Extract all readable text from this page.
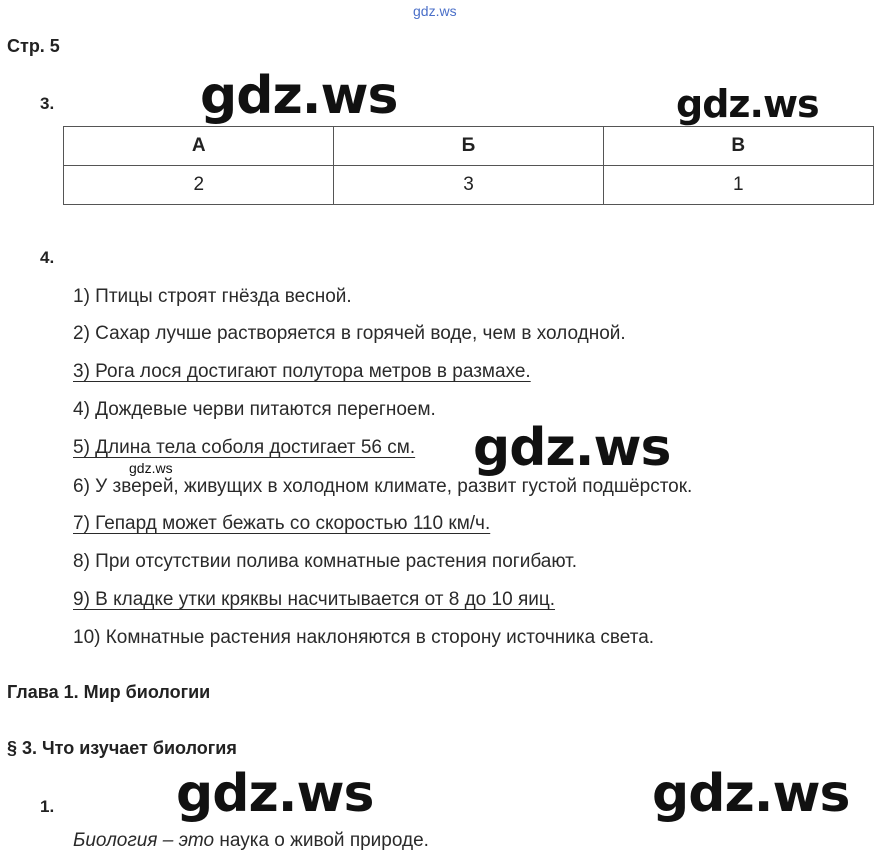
gdz.ws
Стр. 5
3.	gdz.ws	gdz.ws
А	Б	В
2	3	1
4.
1) Птицы строят гнёзда весной.
2) Сахар лучше растворяется в горячей воде, чем в холодной.
3) Рога лося достигают полутора метров в размахе.
4) Дождевые черви питаются перегноем.
5) Длина тела соболя достигает 56 см.
6) У зверей, живущих в холодном климате, развит густой подшёрсток.
7) Гепард может бежать со скоростью 110 км/ч.
8) При отсутствии полива комнатные растения погибают.
9) В кладке утки кряквы насчитывается от 8 до 10 яиц.
10) Комнатные растения наклоняются в сторону источника света.
gdz.ws
gdz.ws
Глава 1. Мир биологии
§ 3. Что изучает биология
1. gdz.ws	gdz.ws
Биология – это наука о живой природе.
